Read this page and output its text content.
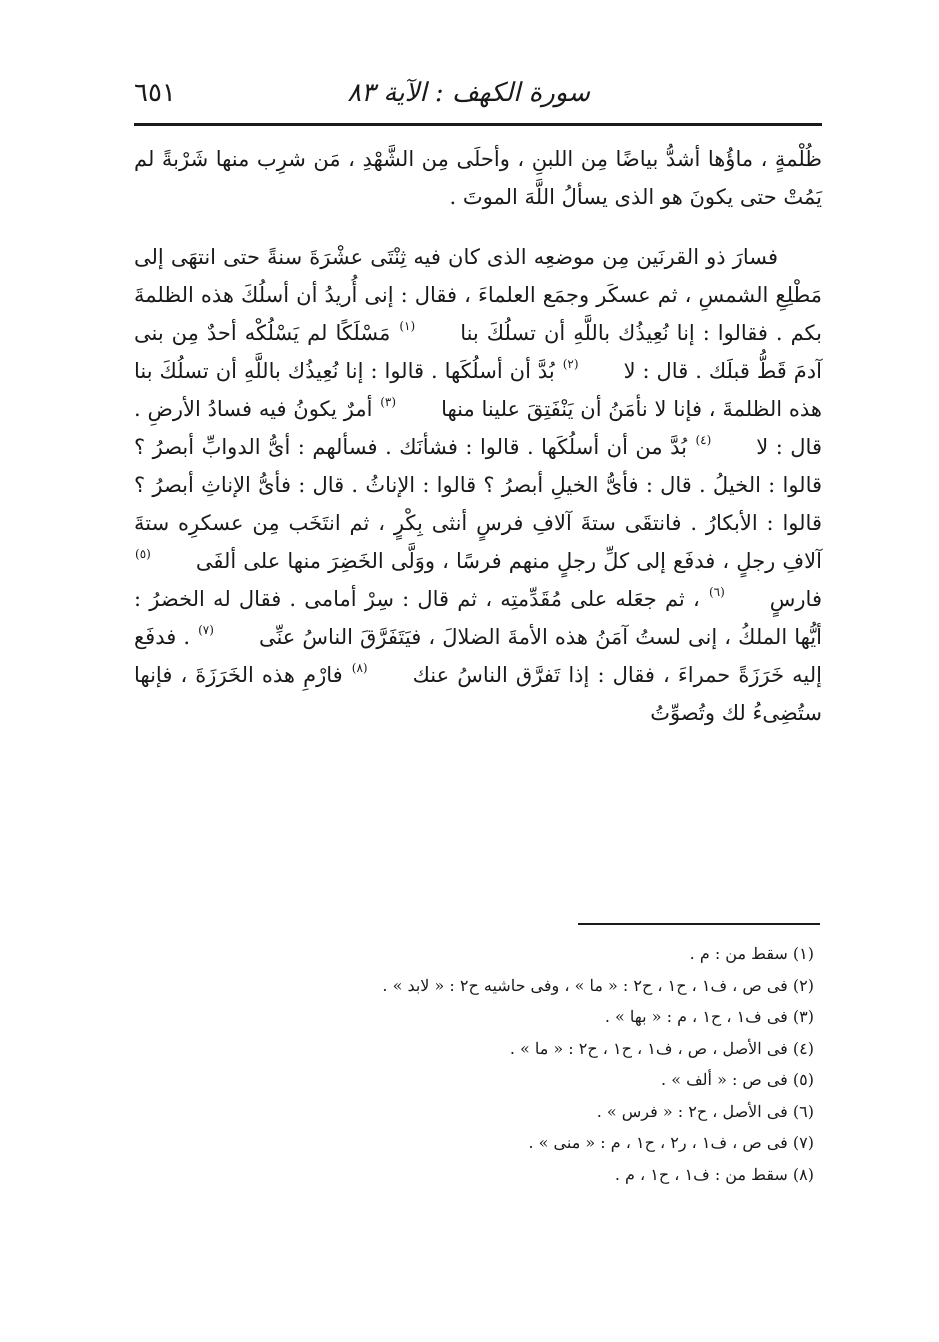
سورة الكهف : الآية ٨٣
٦٥١

ظُلْمةٍ ، ماؤُها أشدُّ بياضًا مِن اللبنِ ، وأحلَى مِن الشَّهْدِ ، مَن شرِب منها شَرْبةً لم يَمُتْ حتى يكونَ هو الذى يسألُ اللَّهَ الموتَ .

فسارَ ذو القرنَين مِن موضعِه الذى كان فيه ثِنْتَى عشْرَةَ سنةً حتى انتهَى إلى مَطْلِعِ الشمسِ ، ثم عسكَر وجمَع العلماءَ ، فقال : إنى أُريدُ أن أسلُكَ هذه الظلمةَ بكم . فقالوا : إنا نُعِيذُك باللَّهِ أن تسلُكَ بنا(١) مَسْلَكًا لم يَسْلُكْه أحدٌ مِن بنى آدمَ قَطُّ قبلَك . قال : لا(٢) بُدَّ أن أسلُكَها . قالوا : إنا نُعِيذُك باللَّهِ أن تسلُكَ بنا هذه الظلمةَ ، فإنا لا نأمَنُ أن يَنْفَتِقَ علينا منها(٣) أمرٌ يكونُ فيه فسادُ الأرضِ . قال : لا(٤) بُدَّ من أن أسلُكَها . قالوا : فشأنَك . فسألهم : أىُّ الدوابِّ أبصرُ ؟ قالوا : الخيلُ . قال : فأىُّ الخيلِ أبصرُ ؟ قالوا : الإناثُ . قال : فأىُّ الإناثِ أبصرُ ؟ قالوا : الأبكارُ . فانتقَى ستةَ آلافِ فرسٍ أنثى بِكْرٍ ، ثم انتَخَب مِن عسكرِه ستةَ آلافِ رجلٍ ، فدفَع إلى كلِّ رجلٍ منهم فرسًا ، ووَلَّى الخَضِرَ منها على ألفَى(٥) فارسٍ(٦) ، ثم جعَله على مُقَدِّمتِه ، ثم قال : سِرْ أمامى . فقال له الخضرُ : أيُّها الملكُ ، إنى لستُ آمَنُ هذه الأمةَ الضلالَ ، فيَتَفَرَّقَ الناسُ عنِّى(٧) . فدفَع إليه خَرَزَةً حمراءَ ، فقال : إذا تَفرَّق الناسُ عنك(٨) فارْمِ هذه الخَرَزَةَ ، فإنها ستُضِىءُ لك وتُصوِّتُ

(١) سقط من : م .
(٢) فى ص ، ف١ ، ح١ ، ح٢ : « ما » ، وفى حاشيه ح٢ : « لابد » .
(٣) فى ف١ ، ح١ ، م : « بها » .
(٤) فى الأصل ، ص ، ف١ ، ح١ ، ح٢ : « ما » .
(٥) فى ص : « ألف » .
(٦) فى الأصل ، ح٢ : « فرس » .
(٧) فى ص ، ف١ ، ر٢ ، ح١ ، م : « منى » .
(٨) سقط من : ف١ ، ح١ ، م .
